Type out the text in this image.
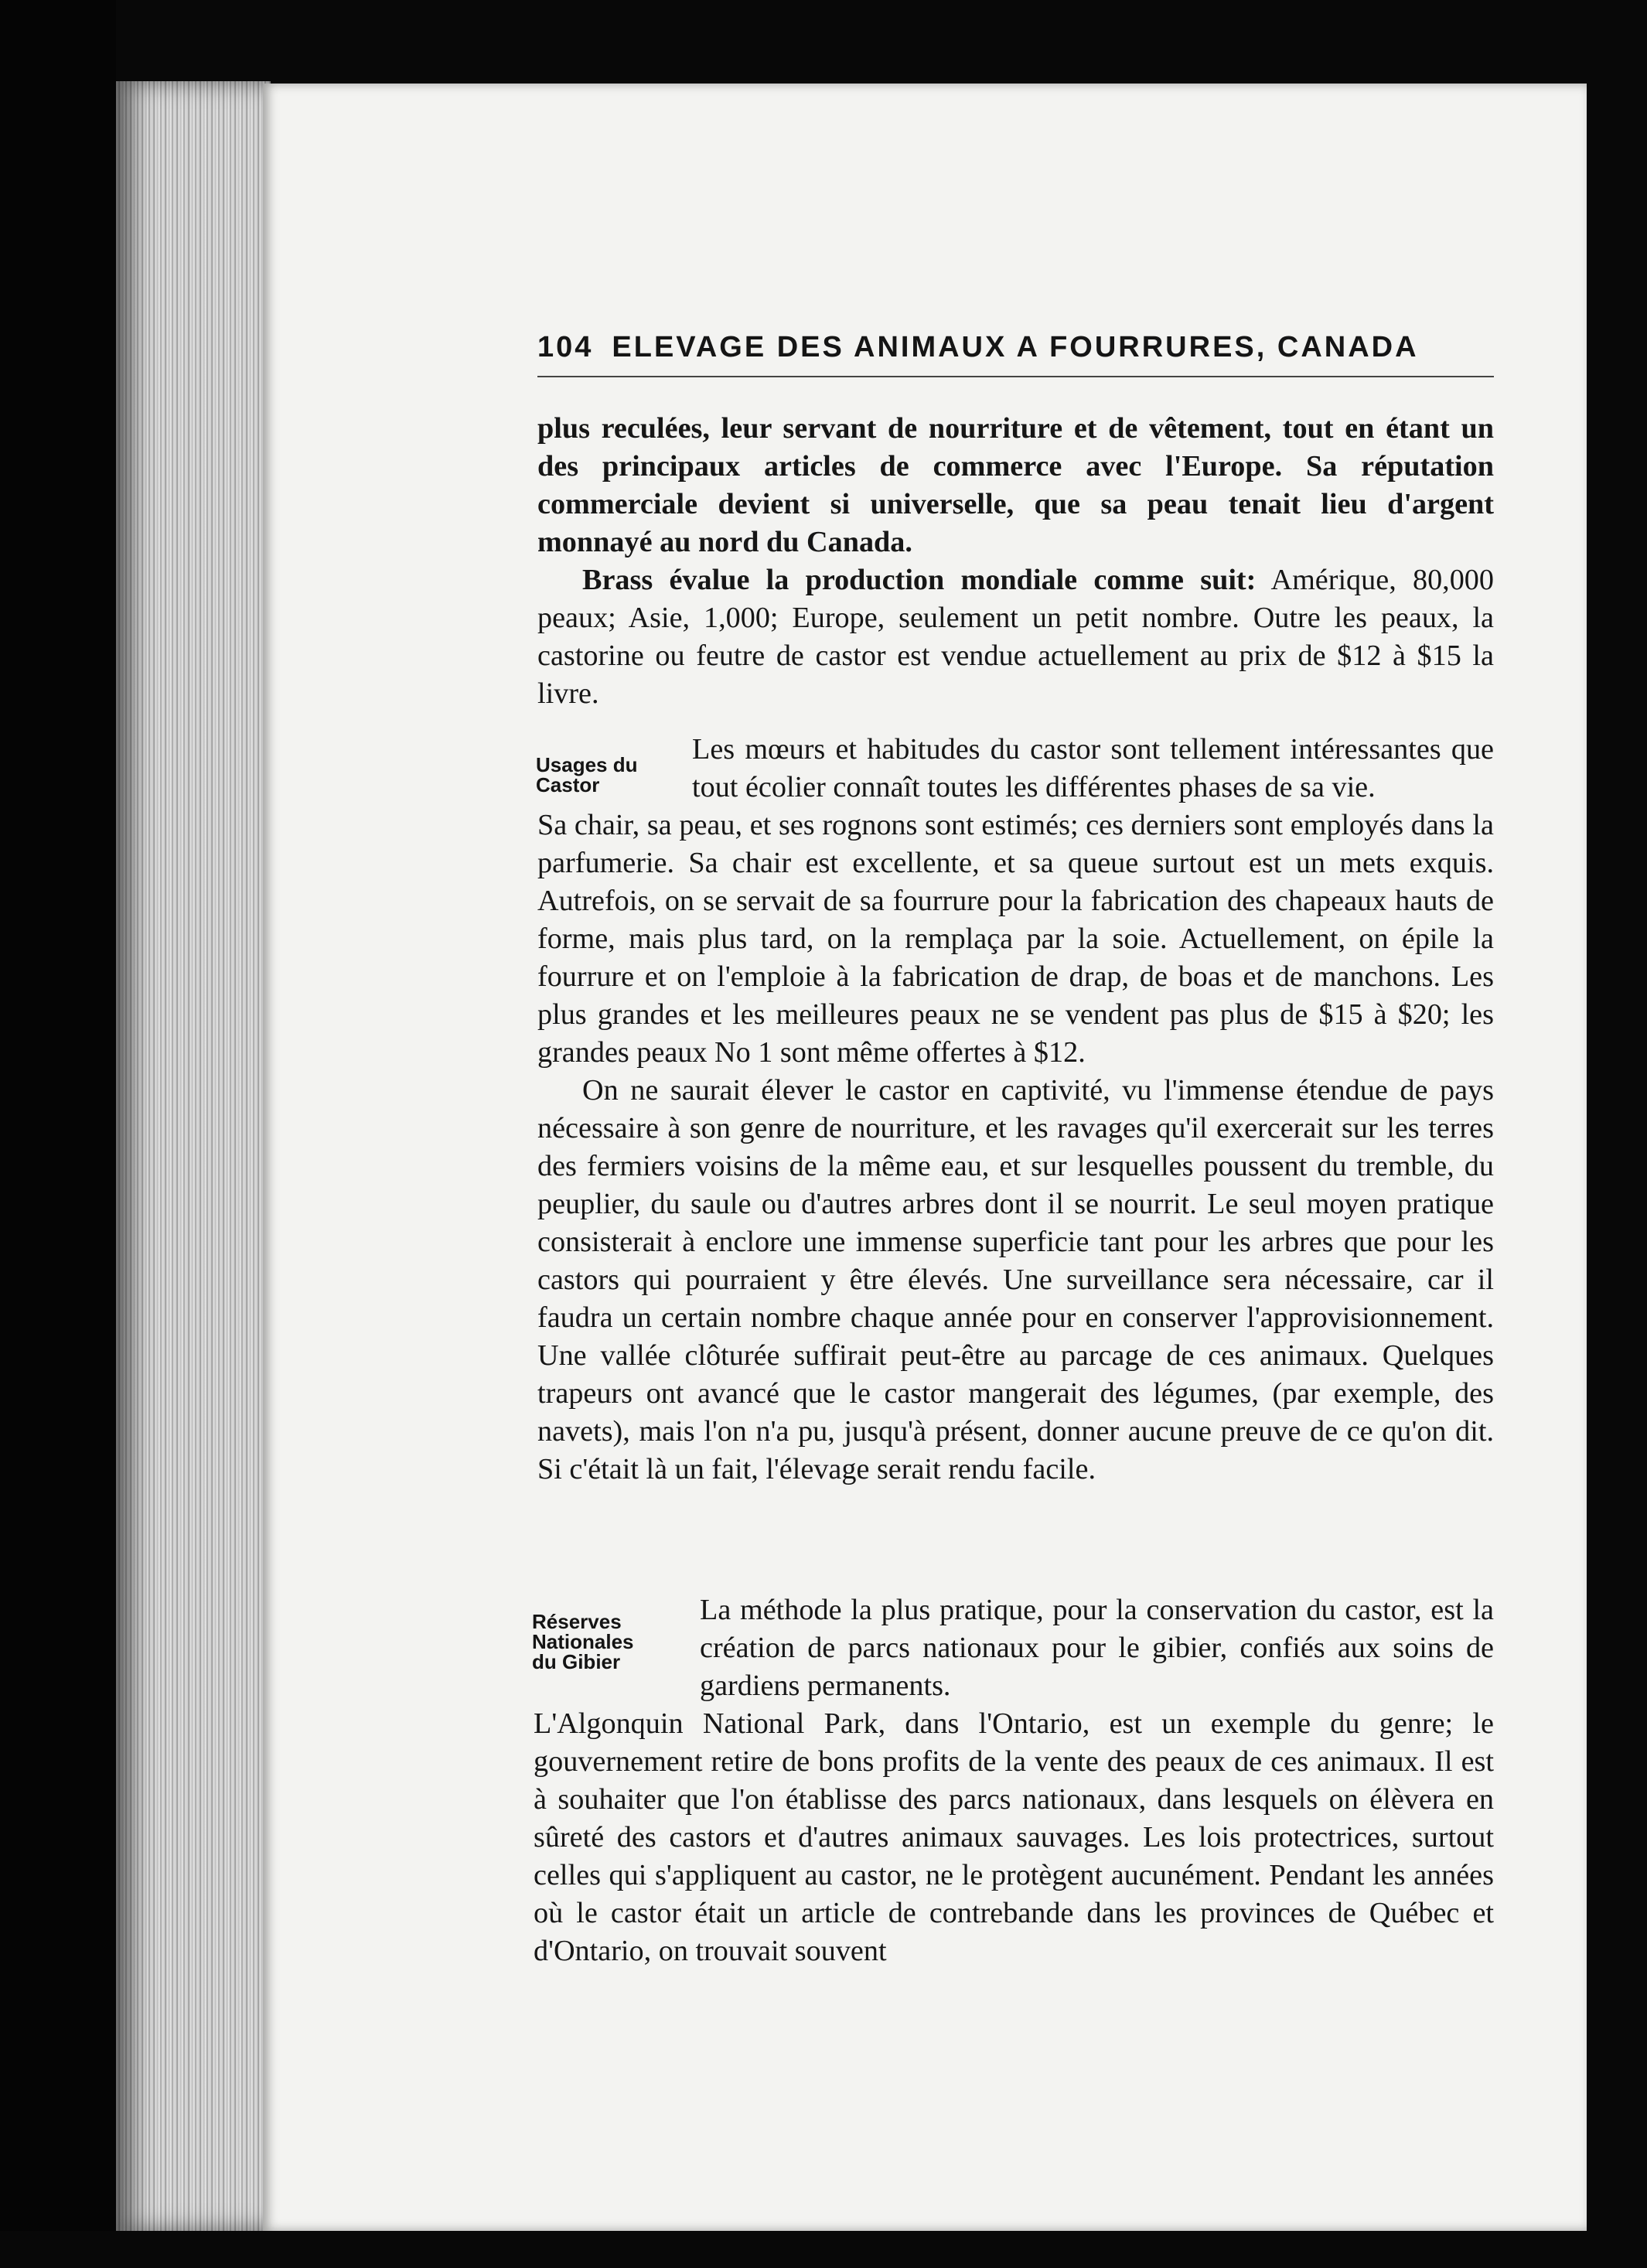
104 ELEVAGE DES ANIMAUX A FOURRURES, CANADA

plus reculées, leur servant de nourriture et de vêtement, tout en étant un des principaux articles de commerce avec l'Europe. Sa réputation commerciale devient si universelle, que sa peau tenait lieu d'argent monnayé au nord du Canada.

Brass évalue la production mondiale comme suit: Amérique, 80,000 peaux; Asie, 1,000; Europe, seulement un petit nombre. Outre les peaux, la castorine ou feutre de castor est vendue actuellement au prix de $12 à $15 la livre.

Usages du
Castor

Les mœurs et habitudes du castor sont tellement intéressantes que tout écolier connaît toutes les différentes phases de sa vie.
Sa chair, sa peau, et ses rognons sont estimés; ces derniers sont employés dans la parfumerie. Sa chair est excellente, et sa queue surtout est un mets exquis. Autrefois, on se servait de sa fourrure pour la fabrication des chapeaux hauts de forme, mais plus tard, on la remplaça par la soie. Actuellement, on épile la fourrure et on l'emploie à la fabrication de drap, de boas et de manchons. Les plus grandes et les meilleures peaux ne se vendent pas plus de $15 à $20; les grandes peaux No 1 sont même offertes à $12.

On ne saurait élever le castor en captivité, vu l'immense étendue de pays nécessaire à son genre de nourriture, et les ravages qu'il exercerait sur les terres des fermiers voisins de la même eau, et sur lesquelles poussent du tremble, du peuplier, du saule ou d'autres arbres dont il se nourrit. Le seul moyen pratique consisterait à enclore une immense superficie tant pour les arbres que pour les castors qui pourraient y être élevés. Une surveillance sera nécessaire, car il faudra un certain nombre chaque année pour en conserver l'approvisionnement. Une vallée clôturée suffirait peut-être au parcage de ces animaux. Quelques trapeurs ont avancé que le castor mangerait des légumes, (par exemple, des navets), mais l'on n'a pu, jusqu'à présent, donner aucune preuve de ce qu'on dit. Si c'était là un fait, l'élevage serait rendu facile.

Réserves
Nationales
du Gibier

La méthode la plus pratique, pour la conservation du castor, est la création de parcs nationaux pour le gibier, confiés aux soins de gardiens permanents.
L'Algonquin National Park, dans l'Ontario, est un exemple du genre; le gouvernement retire de bons profits de la vente des peaux de ces animaux. Il est à souhaiter que l'on établisse des parcs nationaux, dans lesquels on élèvera en sûreté des castors et d'autres animaux sauvages. Les lois protectrices, surtout celles qui s'appliquent au castor, ne le protègent aucunément. Pendant les années où le castor était un article de contrebande dans les provinces de Québec et d'Ontario, on trouvait souvent
